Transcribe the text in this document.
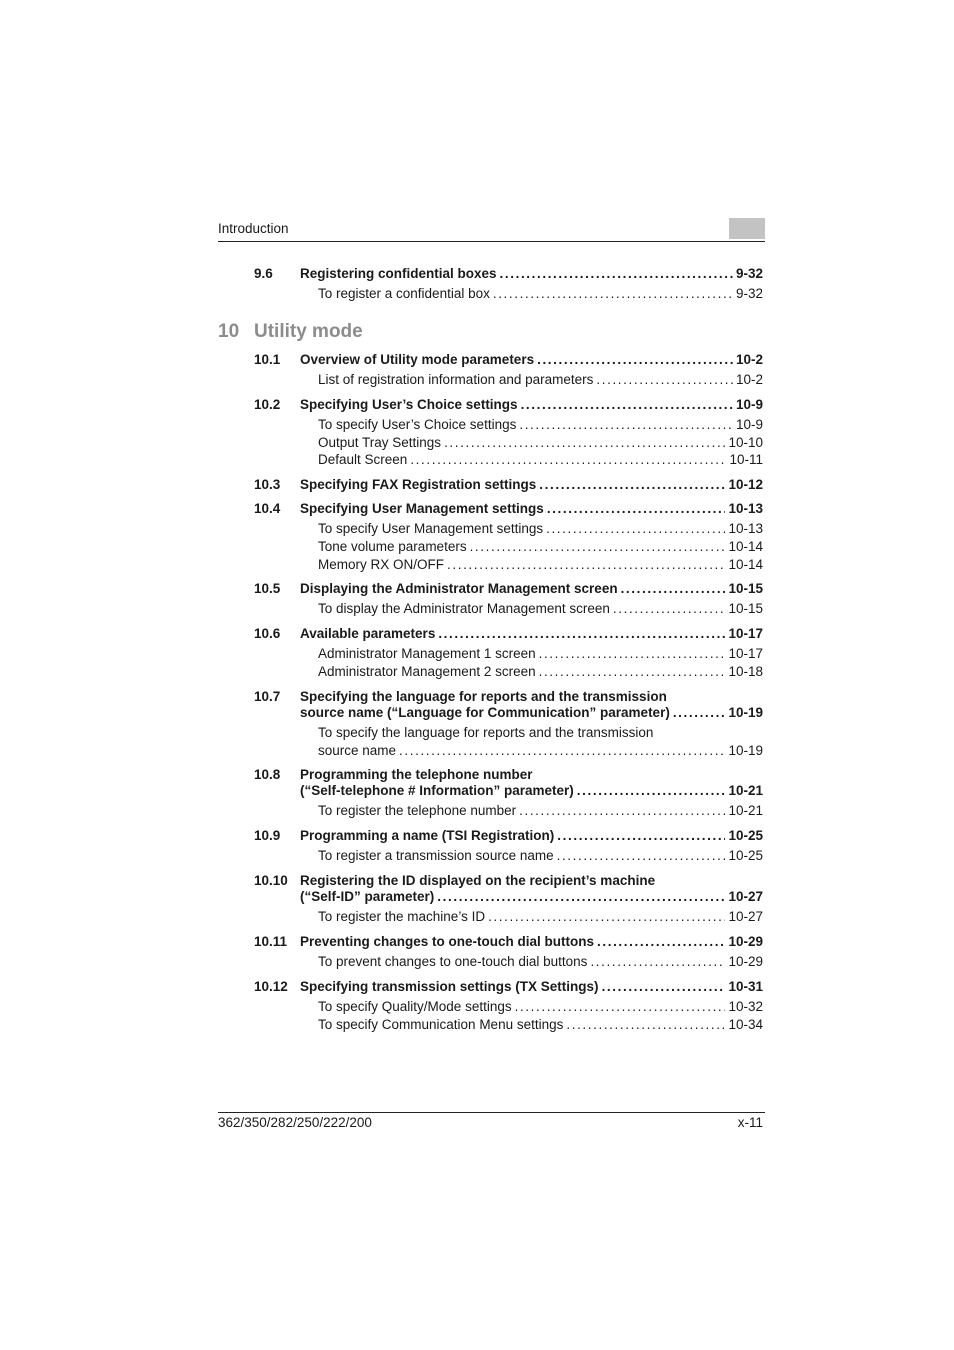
Introduction
10 Utility mode
9.6 Registering confidential boxes .....	9-32
To register a confidential box .....	9-32
10.1 Overview of Utility mode parameters .....	10-2
List of registration information and parameters .....	10-2
10.2 Specifying User’s Choice settings .....	10-9
To specify User’s Choice settings .....	10-9
Output Tray Settings .....	10-10
Default Screen .....	10-11
10.3 Specifying FAX Registration settings .....	10-12
10.4 Specifying User Management settings .....	10-13
To specify User Management settings .....	10-13
Tone volume parameters .....	10-14
Memory RX ON/OFF .....	10-14
10.5 Displaying the Administrator Management screen .....	10-15
To display the Administrator Management screen .....	10-15
10.6 Available parameters .....	10-17
Administrator Management 1 screen .....	10-17
Administrator Management 2 screen .....	10-18
10.7 Specifying the language for reports and the transmission
source name (“Language for Communication” parameter) .....	10-19
To specify the language for reports and the transmission
source name .....	10-19
10.8 Programming the telephone number
(“Self-telephone # Information” parameter) .....	10-21
To register the telephone number .....	10-21
10.9 Programming a name (TSI Registration) .....	10-25
To register a transmission source name .....	10-25
10.10 Registering the ID displayed on the recipient’s machine
(“Self-ID” parameter) .....	10-27
To register the machine’s ID .....	10-27
10.11 Preventing changes to one-touch dial buttons .....	10-29
To prevent changes to one-touch dial buttons .....	10-29
10.12 Specifying transmission settings (TX Settings) .....	10-31
To specify Quality/Mode settings .....	10-32
To specify Communication Menu settings .....	10-34
362/350/282/250/222/200	x-11
